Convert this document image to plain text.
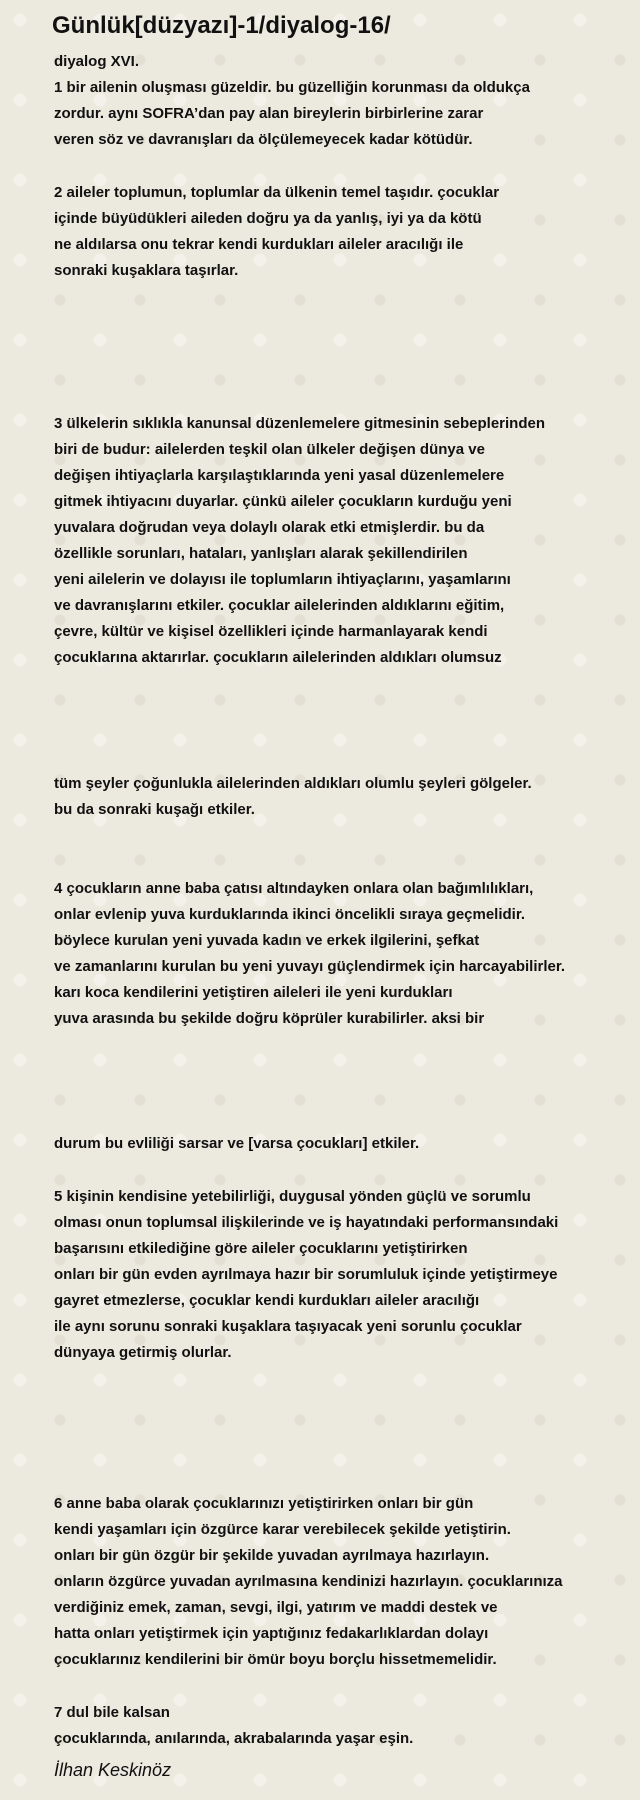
Günlük[düzyazı]-1/diyalog-16/
diyalog XVI.
1 bir ailenin oluşması güzeldir. bu güzelliğin korunması da oldukça
zordur. aynı SOFRA’dan pay alan bireylerin birbirlerine zarar
veren söz ve davranışları da ölçülemeyecek kadar kötüdür.
2 aileler toplumun, toplumlar da ülkenin temel taşıdır. çocuklar
içinde büyüdükleri aileden doğru ya da yanlış, iyi ya da kötü
ne aldılarsa onu tekrar kendi kurdukları aileler aracılığı ile
sonraki kuşaklara taşırlar.
3 ülkelerin sıklıkla kanunsal düzenlemelere gitmesinin sebeplerinden
biri de budur: ailelerden teşkil olan ülkeler değişen dünya ve
değişen ihtiyaçlarla karşılaştıklarında yeni yasal düzenlemelere
gitmek ihtiyacını duyarlar. çünkü aileler çocukların kurduğu yeni
yuvalara doğrudan veya dolaylı olarak etki etmişlerdir. bu da
özellikle sorunları, hataları, yanlışları alarak şekillendirilen
yeni ailelerin ve dolayısı ile toplumların ihtiyaçlarını, yaşamlarını
ve davranışlarını etkiler. çocuklar ailelerinden aldıklarını eğitim,
çevre, kültür ve kişisel özellikleri içinde harmanlayarak kendi
çocuklarına aktarırlar. çocukların ailelerinden aldıkları olumsuz
tüm şeyler çoğunlukla ailelerinden aldıkları olumlu şeyleri gölgeler.
bu da sonraki kuşağı etkiler.
4 çocukların anne baba çatısı altındayken onlara olan bağımlılıkları,
onlar evlenip yuva kurduklarında ikinci öncelikli sıraya geçmelidir.
böylece kurulan yeni yuvada kadın ve erkek ilgilerini, şefkat
ve zamanlarını kurulan bu yeni yuvayı güçlendirmek için harcayabilirler.
karı koca kendilerini yetiştiren aileleri ile yeni kurdukları
yuva arasında bu şekilde doğru köprüler kurabilirler. aksi bir
durum bu evliliği sarsar ve [varsa çocukları] etkiler.
5 kişinin kendisine yetebilirliği, duygusal yönden güçlü ve sorumlu
olması onun toplumsal ilişkilerinde ve iş hayatındaki performansındaki
başarısını etkilediğine göre aileler çocuklarını yetiştirirken
onları bir gün evden ayrılmaya hazır bir sorumluluk içinde yetiştirmeye
gayret etmezlerse, çocuklar kendi kurdukları aileler aracılığı
ile aynı sorunu sonraki kuşaklara taşıyacak yeni sorunlu çocuklar
dünyaya getirmiş olurlar.
6 anne baba olarak çocuklarınızı yetiştirirken onları bir gün
kendi yaşamları için özgürce karar verebilecek şekilde yetiştirin.
onları bir gün özgür bir şekilde yuvadan ayrılmaya hazırlayın.
onların özgürce yuvadan ayrılmasına kendinizi hazırlayın. çocuklarınıza
verdiğiniz emek, zaman, sevgi, ilgi, yatırım ve maddi destek ve
hatta onları yetiştirmek için yaptığınız fedakarlıklardan dolayı
çocuklarınız kendilerini bir ömür boyu borçlu hissetmemelidir.
7 dul bile kalsan
çocuklarında, anılarında, akrabalarında yaşar eşin.
İlhan Keskinöz
